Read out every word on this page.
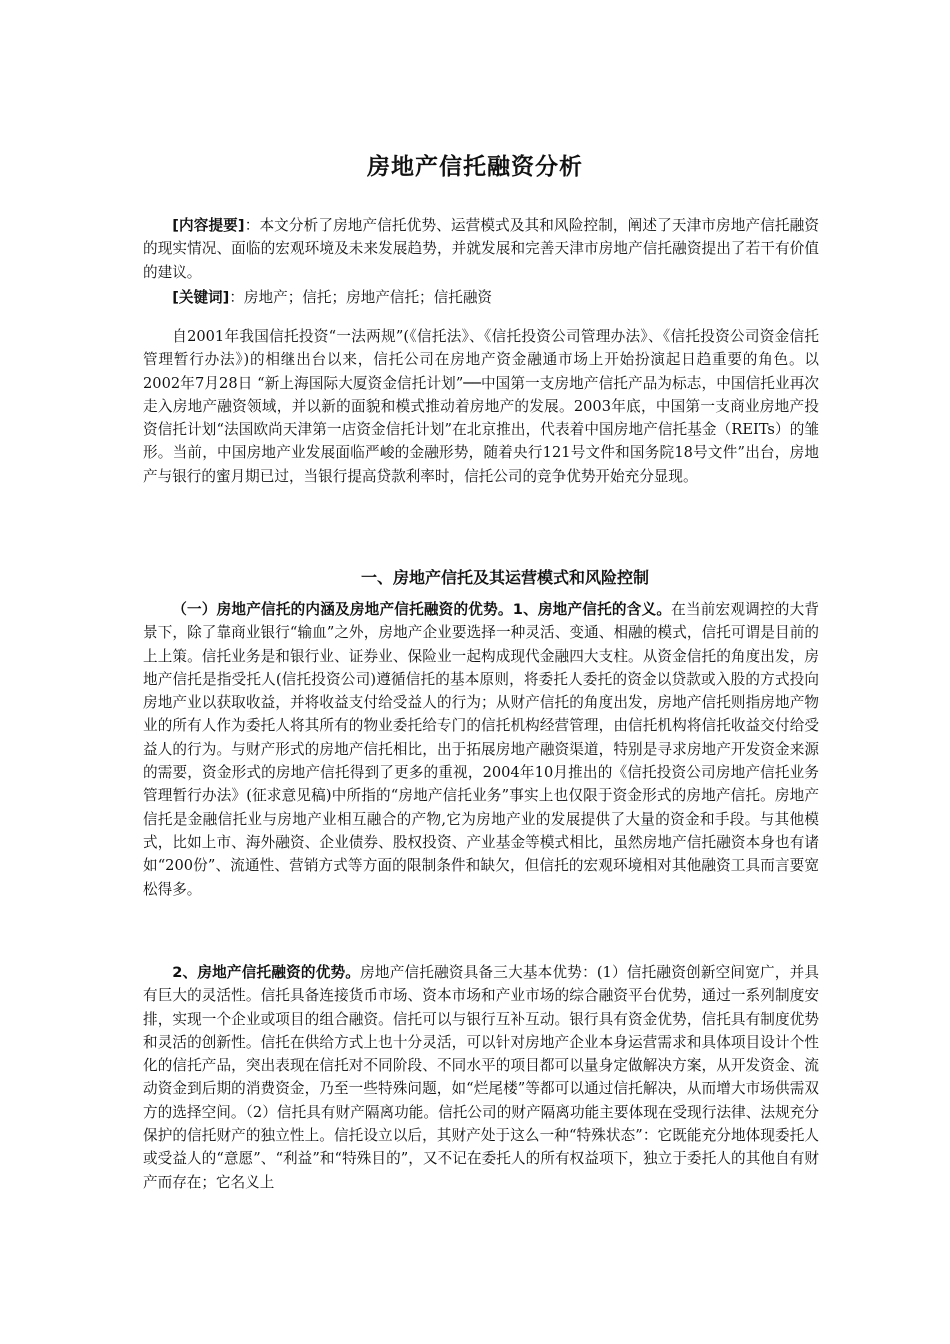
房地产信托融资分析
[内容提要]：本文分析了房地产信托优势、运营模式及其和风险控制，阐述了天津市房地产信托融资的现实情况、面临的宏观环境及未来发展趋势，并就发展和完善天津市房地产信托融资提出了若干有价值的建议。
[关键词]：房地产；信托；房地产信托；信托融资
自2001年我国信托投资“一法两规”(《信托法》、《信托投资公司管理办法》、《信托投资公司资金信托管理暂行办法》)的相继出台以来，信托公司在房地产资金融通市场上开始扮演起日趋重要的角色。以2002年7月28日 “新上海国际大厦资金信托计划”──中国第一支房地产信托产品为标志，中国信托业再次走入房地产融资领域，并以新的面貌和模式推动着房地产的发展。2003年底，中国第一支商业房地产投资信托计划“法国欧尚天津第一店资金信托计划”在北京推出，代表着中国房地产信托基金（REITs）的雏形。当前，中国房地产业发展面临严峻的金融形势，随着央行121号文件和国务院18号文件”出台，房地产与银行的蜜月期已过，当银行提高贷款利率时，信托公司的竞争优势开始充分显现。
一、房地产信托及其运营模式和风险控制
（一）房地产信托的内涵及房地产信托融资的优势。1、房地产信托的含义。在当前宏观调控的大背景下，除了靠商业银行“输血”之外，房地产企业要选择一种灵活、变通、相融的模式，信托可谓是目前的上上策。信托业务是和银行业、证券业、保险业一起构成现代金融四大支柱。从资金信托的角度出发，房地产信托是指受托人(信托投资公司)遵循信托的基本原则，将委托人委托的资金以贷款或入股的方式投向房地产业以获取收益，并将收益支付给受益人的行为；从财产信托的角度出发，房地产信托则指房地产物业的所有人作为委托人将其所有的物业委托给专门的信托机构经营管理，由信托机构将信托收益交付给受益人的行为。与财产形式的房地产信托相比，出于拓展房地产融资渠道，特别是寻求房地产开发资金来源的需要，资金形式的房地产信托得到了更多的重视，2004年10月推出的《信托投资公司房地产信托业务管理暂行办法》(征求意见稿)中所指的“房地产信托业务”事实上也仅限于资金形式的房地产信托。房地产信托是金融信托业与房地产业相互融合的产物,它为房地产业的发展提供了大量的资金和手段。与其他模式，比如上市、海外融资、企业债券、股权投资、产业基金等模式相比，虽然房地产信托融资本身也有诸如“200份”、流通性、营销方式等方面的限制条件和缺欠，但信托的宏观环境相对其他融资工具而言要宽松得多。
2、房地产信托融资的优势。房地产信托融资具备三大基本优势：(1）信托融资创新空间宽广，并具有巨大的灵活性。信托具备连接货币市场、资本市场和产业市场的综合融资平台优势，通过一系列制度安排，实现一个企业或项目的组合融资。信托可以与银行互补互动。银行具有资金优势，信托具有制度优势和灵活的创新性。信托在供给方式上也十分灵活，可以针对房地产企业本身运营需求和具体项目设计个性化的信托产品，突出表现在信托对不同阶段、不同水平的项目都可以量身定做解决方案，从开发资金、流动资金到后期的消费资金，乃至一些特殊问题，如“烂尾楼”等都可以通过信托解决，从而增大市场供需双方的选择空间。（2）信托具有财产隔离功能。信托公司的财产隔离功能主要体现在受现行法律、法规充分保护的信托财产的独立性上。信托设立以后，其财产处于这么一种“特殊状态”：它既能充分地体现委托人或受益人的“意愿”、“利益”和“特殊目的”，又不记在委托人的所有权益项下，独立于委托人的其他自有财产而存在；它名义上
